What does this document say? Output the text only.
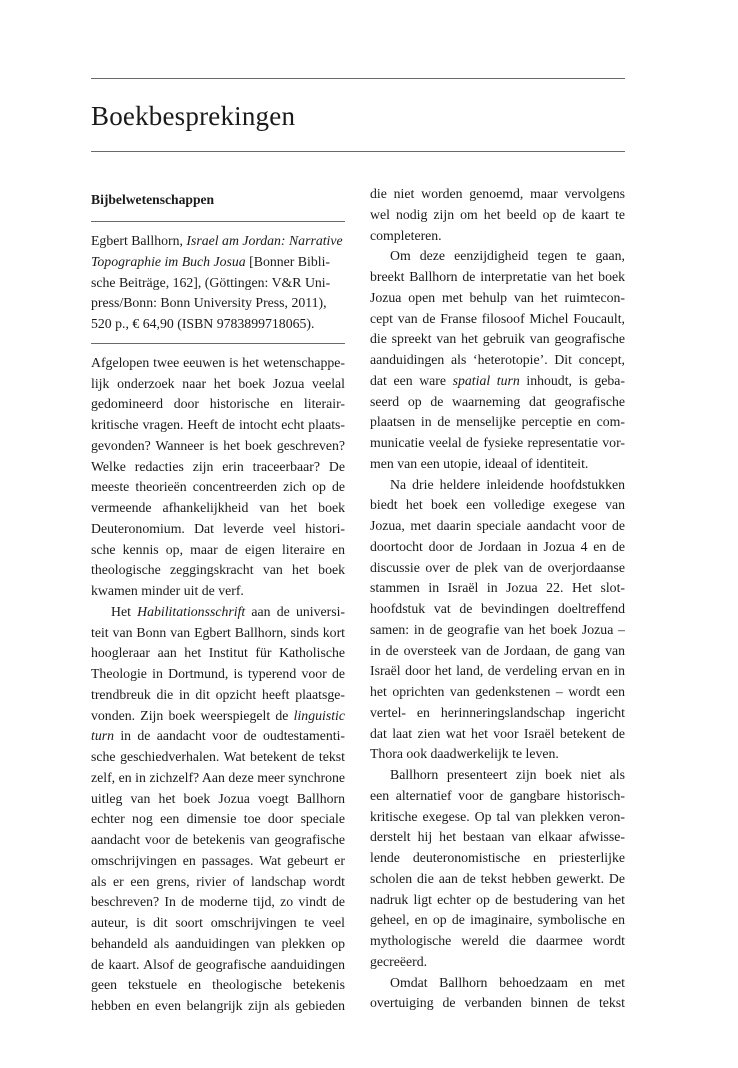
Boekbesprekingen
Bijbelwetenschappen
Egbert Ballhorn, Israel am Jordan: Narrative
Topographie im Buch Josua [Bonner Bibli-
sche Beiträge, 162], (Göttingen: V&R Uni-
press/Bonn: Bonn University Press, 2011),
520 p., € 64,90 (ISBN 9783899718065).
Afgelopen twee eeuwen is het wetenschappe-
lijk onderzoek naar het boek Jozua veelal
gedomineerd door historische en literair-
kritische vragen. Heeft de intocht echt plaats-
gevonden? Wanneer is het boek geschreven?
Welke redacties zijn erin traceerbaar? De
meeste theorieën concentreerden zich op de
vermeende afhankelijkheid van het boek
Deuteronomium. Dat leverde veel histori-
sche kennis op, maar de eigen literaire en
theologische zeggingskracht van het boek
kwamen minder uit de verf.
Het Habilitationsschrift aan de universi-
teit van Bonn van Egbert Ballhorn, sinds kort
hoogleraar aan het Institut für Katholische
Theologie in Dortmund, is typerend voor de
trendbreuk die in dit opzicht heeft plaatsge-
vonden. Zijn boek weerspiegelt de linguistic
turn in de aandacht voor de oudtestamenti-
sche geschiedverhalen. Wat betekent de tekst
zelf, en in zichzelf? Aan deze meer synchrone
uitleg van het boek Jozua voegt Ballhorn
echter nog een dimensie toe door speciale
aandacht voor de betekenis van geografische
omschrijvingen en passages. Wat gebeurt er
als er een grens, rivier of landschap wordt
beschreven? In de moderne tijd, zo vindt de
auteur, is dit soort omschrijvingen te veel
behandeld als aanduidingen van plekken op
de kaart. Alsof de geografische aanduidingen
geen tekstuele en theologische betekenis
hebben en even belangrijk zijn als gebieden
die niet worden genoemd, maar vervolgens
wel nodig zijn om het beeld op de kaart te
completeren.
Om deze eenzijdigheid tegen te gaan,
breekt Ballhorn de interpretatie van het boek
Jozua open met behulp van het ruimtecon-
cept van de Franse filosoof Michel Foucault,
die spreekt van het gebruik van geografische
aanduidingen als ‘heterotopie’. Dit concept,
dat een ware spatial turn inhoudt, is geba-
seerd op de waarneming dat geografische
plaatsen in de menselijke perceptie en com-
municatie veelal de fysieke representatie vor-
men van een utopie, ideaal of identiteit.
Na drie heldere inleidende hoofdstukken
biedt het boek een volledige exegese van
Jozua, met daarin speciale aandacht voor de
doortocht door de Jordaan in Jozua 4 en de
discussie over de plek van de overjordaanse
stammen in Israël in Jozua 22. Het slot-
hoofdstuk vat de bevindingen doeltreffend
samen: in de geografie van het boek Jozua –
in de oversteek van de Jordaan, de gang van
Israël door het land, de verdeling ervan en in
het oprichten van gedenkstenen – wordt een
vertel- en herinneringslandschap ingericht
dat laat zien wat het voor Israël betekent de
Thora ook daadwerkelijk te leven.
Ballhorn presenteert zijn boek niet als
een alternatief voor de gangbare historisch-
kritische exegese. Op tal van plekken veron-
derstelt hij het bestaan van elkaar afwisse-
lende deuteronomistische en priesterlijke
scholen die aan de tekst hebben gewerkt. De
nadruk ligt echter op de bestudering van het
geheel, en op de imaginaire, symbolische en
mythologische wereld die daarmee wordt
gecreëerd.
Omdat Ballhorn behoedzaam en met
overtuiging de verbanden binnen de tekst
